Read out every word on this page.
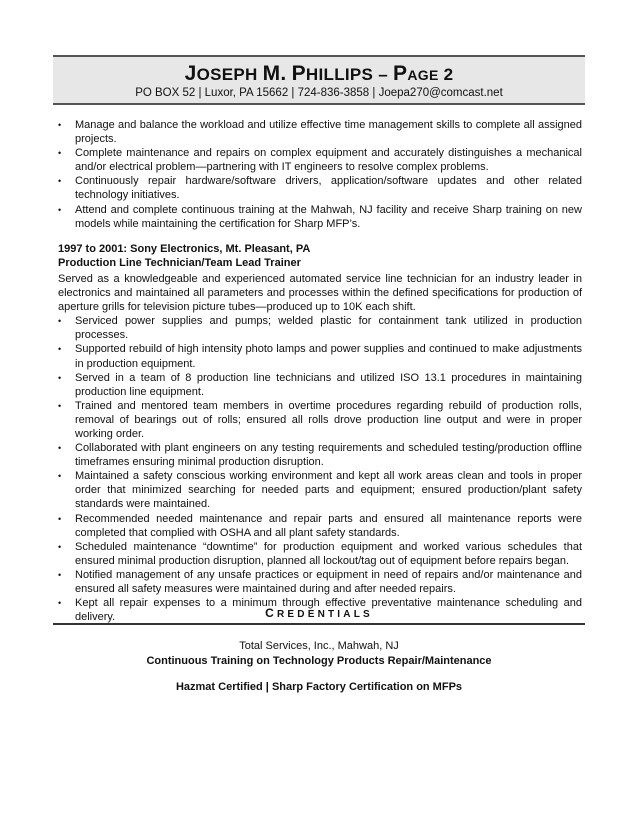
JOSEPH M. PHILLIPS – PAGE 2
PO BOX 52 | Luxor, PA 15662 | 724-836-3858 | Joepa270@comcast.net
• Manage and balance the workload and utilize effective time management skills to complete all assigned projects.
• Complete maintenance and repairs on complex equipment and accurately distinguishes a mechanical and/or electrical problem—partnering with IT engineers to resolve complex problems.
• Continuously repair hardware/software drivers, application/software updates and other related technology initiatives.
• Attend and complete continuous training at the Mahwah, NJ facility and receive Sharp training on new models while maintaining the certification for Sharp MFP’s.
1997 to 2001: Sony Electronics, Mt. Pleasant, PA
Production Line Technician/Team Lead Trainer
Served as a knowledgeable and experienced automated service line technician for an industry leader in electronics and maintained all parameters and processes within the defined specifications for production of aperture grills for television picture tubes—produced up to 10K each shift.
• Serviced power supplies and pumps; welded plastic for containment tank utilized in production processes.
• Supported rebuild of high intensity photo lamps and power supplies and continued to make adjustments in production equipment.
• Served in a team of 8 production line technicians and utilized ISO 13.1 procedures in maintaining production line equipment.
• Trained and mentored team members in overtime procedures regarding rebuild of production rolls, removal of bearings out of rolls; ensured all rolls drove production line output and were in proper working order.
• Collaborated with plant engineers on any testing requirements and scheduled testing/production offline timeframes ensuring minimal production disruption.
• Maintained a safety conscious working environment and kept all work areas clean and tools in proper order that minimized searching for needed parts and equipment; ensured production/plant safety standards were maintained.
• Recommended needed maintenance and repair parts and ensured all maintenance reports were completed that complied with OSHA and all plant safety standards.
• Scheduled maintenance “downtime” for production equipment and worked various schedules that ensured minimal production disruption, planned all lockout/tag out of equipment before repairs began.
• Notified management of any unsafe practices or equipment in need of repairs and/or maintenance and ensured all safety measures were maintained during and after needed repairs.
• Kept all repair expenses to a minimum through effective preventative maintenance scheduling and delivery.	CREDENTIALS
Total Services, Inc., Mahwah, NJ
Continuous Training on Technology Products Repair/Maintenance
Hazmat Certified | Sharp Factory Certification on MFPs
